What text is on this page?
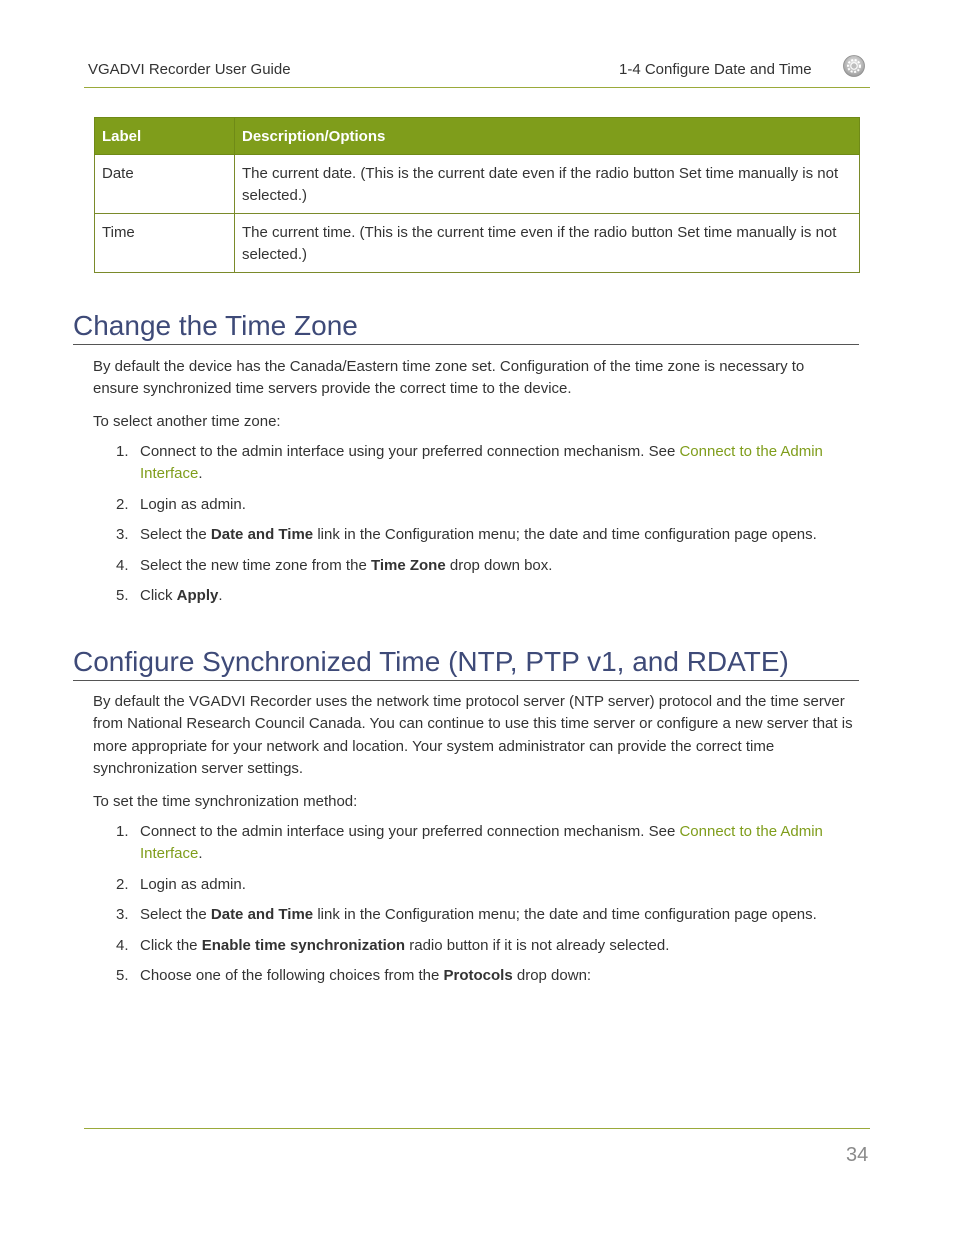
VGADVI Recorder User Guide	1-4 Configure Date and Time
Label	Description/Options
Date	The current date. (This is the current date even if the radio button Set time manually is not selected.)
Time	The current time. (This is the current time even if the radio button Set time manually is not selected.)
Change the Time Zone

By default the device has the Canada/Eastern time zone set. Configuration of the time zone is necessary to ensure synchronized time servers provide the correct time to the device.

To select another time zone:

1. Connect to the admin interface using your preferred connection mechanism. See Connect to the Admin Interface.
2. Login as admin.
3. Select the Date and Time link in the Configuration menu; the date and time configuration page opens.
4. Select the new time zone from the Time Zone drop down box.
5. Click Apply.
Configure Synchronized Time (NTP, PTP v1, and RDATE)

By default the VGADVI Recorder uses the network time protocol server (NTP server) protocol and the time server from National Research Council Canada. You can continue to use this time server or configure a new server that is more appropriate for your network and location. Your system administrator can provide the correct time synchronization server settings.

To set the time synchronization method:

1. Connect to the admin interface using your preferred connection mechanism. See Connect to the Admin Interface.
2. Login as admin.
3. Select the Date and Time link in the Configuration menu; the date and time configuration page opens.
4. Click the Enable time synchronization radio button if it is not already selected.
5. Choose one of the following choices from the Protocols drop down:
34
